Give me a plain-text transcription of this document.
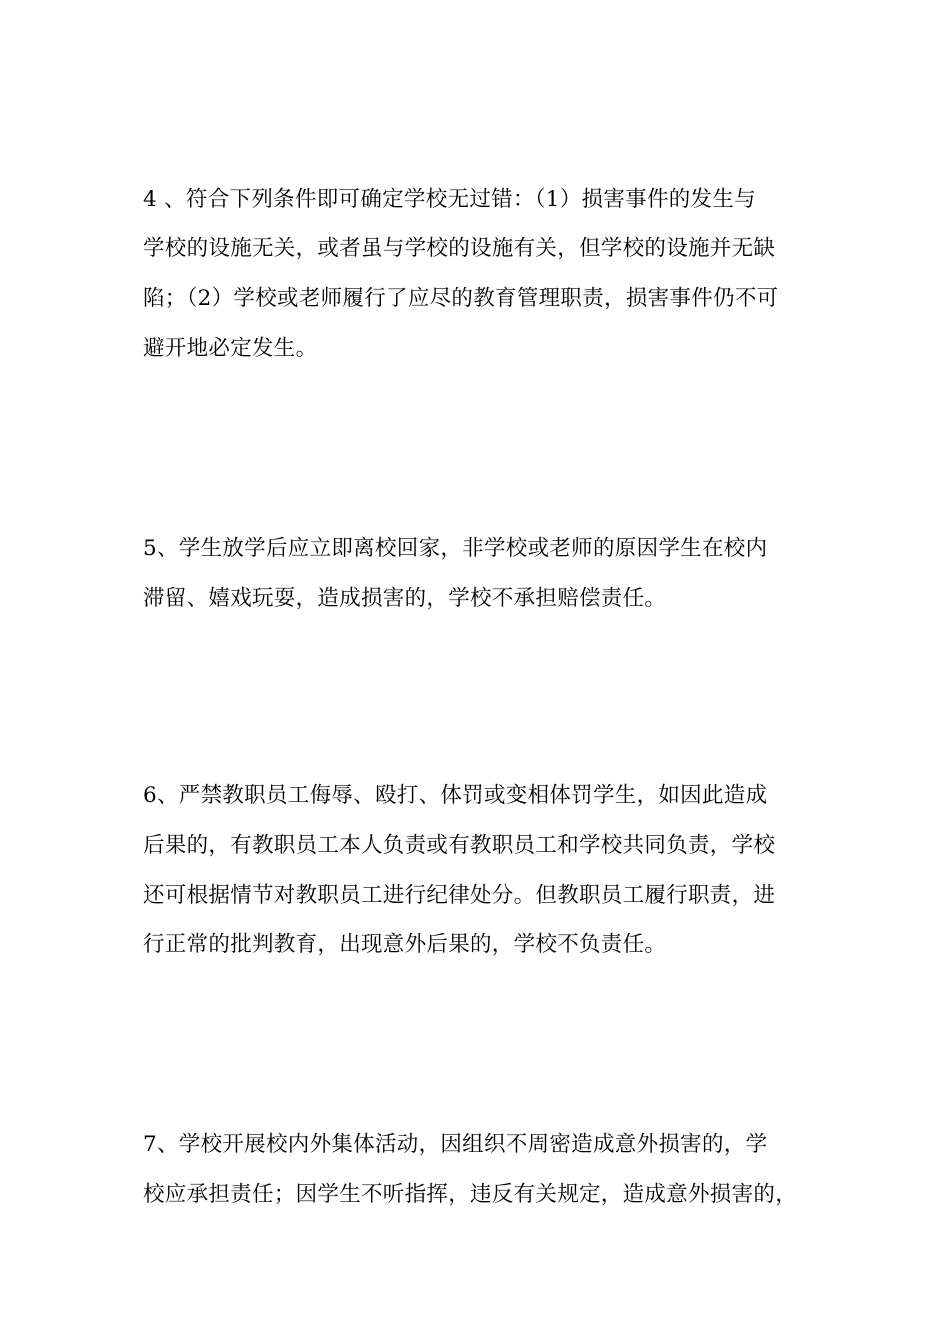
4 、符合下列条件即可确定学校无过错：（1）损害事件的发生与
学校的设施无关，或者虽与学校的设施有关，但学校的设施并无缺
陷；（2）学校或老师履行了应尽的教育管理职责，损害事件仍不可
避开地必定发生。
5、学生放学后应立即离校回家，非学校或老师的原因学生在校内
滞留、嬉戏玩耍，造成损害的，学校不承担赔偿责任。
6、严禁教职员工侮辱、殴打、体罚或变相体罚学生，如因此造成
后果的，有教职员工本人负责或有教职员工和学校共同负责，学校
还可根据情节对教职员工进行纪律处分。但教职员工履行职责，进
行正常的批判教育，出现意外后果的，学校不负责任。
7、学校开展校内外集体活动，因组织不周密造成意外损害的，学
校应承担责任；因学生不听指挥，违反有关规定，造成意外损害的，
